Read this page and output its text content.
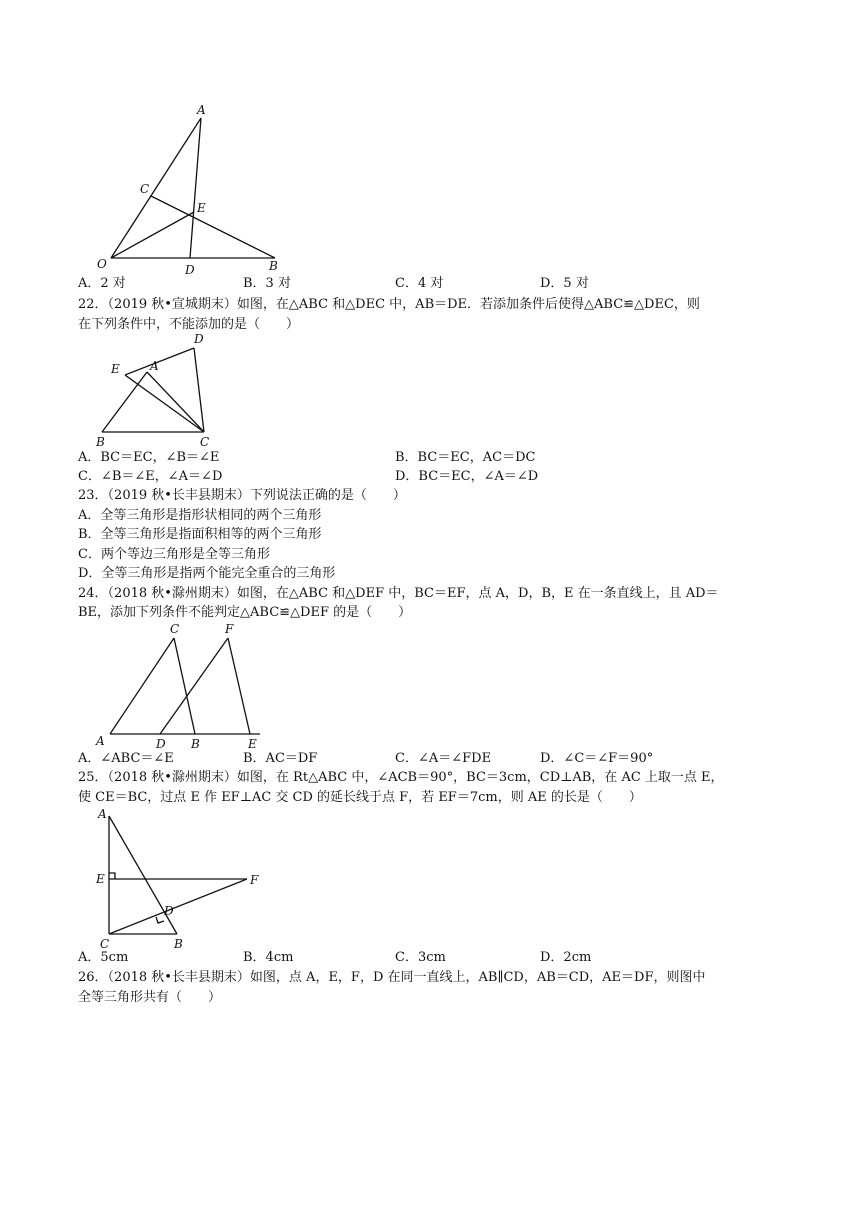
A
C
E
O	D	B
A．2 对	B．3 对	C．4 对	D．5 对
22．（2019 秋•宣城期末）如图，在△ABC 和△DEC 中，AB＝DE．若添加条件后使得△ABC≌△DEC，则
在下列条件中，不能添加的是（　　）
D
E	A
B	C
A．BC＝EC，∠B＝∠E	B．BC＝EC，AC＝DC
C．∠B＝∠E，∠A＝∠D	D．BC＝EC，∠A＝∠D
23．（2019 秋•长丰县期末）下列说法正确的是（　　）
A．全等三角形是指形状相同的两个三角形
B．全等三角形是指面积相等的两个三角形
C．两个等边三角形是全等三角形
D．全等三角形是指两个能完全重合的三角形
24．（2018 秋•滁州期末）如图，在△ABC 和△DEF 中，BC＝EF，点 A，D，B，E 在一条直线上，且 AD＝
BE，添加下列条件不能判定△ABC≌△DEF 的是（　　）
C	F
A	D B	E
A．∠ABC＝∠E	B．AC＝DF	C．∠A＝∠FDE	D．∠C＝∠F＝90°
25．（2018 秋•滁州期末）如图，在 Rt△ABC 中，∠ACB＝90°，BC＝3cm，CD⊥AB，在 AC 上取一点 E，
使 CE＝BC，过点 E 作 EF⊥AC 交 CD 的延长线于点 F，若 EF＝7cm，则 AE 的长是（　　）
A
E	F
D
C	B
A．5cm	B．4cm	C．3cm	D．2cm
26．（2018 秋•长丰县期末）如图，点 A，E，F，D 在同一直线上，AB∥CD，AB＝CD，AE＝DF，则图中
全等三角形共有（　　）
